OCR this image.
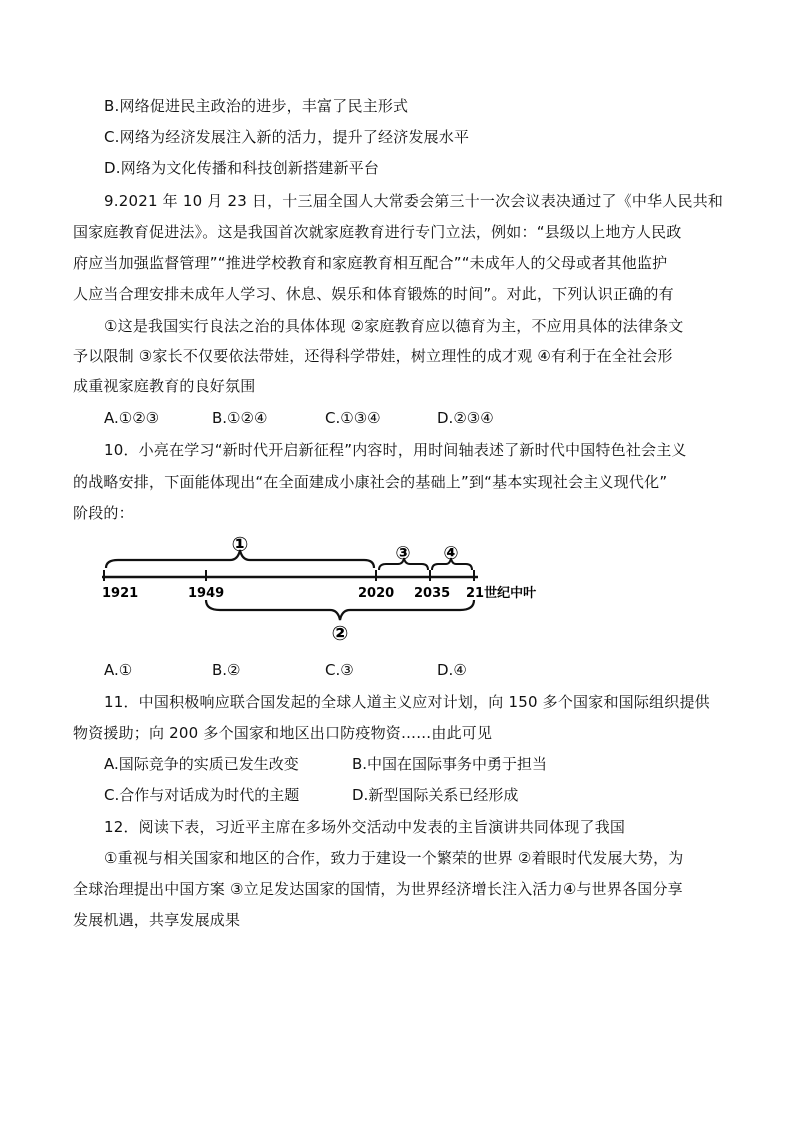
B.网络促进民主政治的进步，丰富了民主形式
C.网络为经济发展注入新的活力，提升了经济发展水平
D.网络为文化传播和科技创新搭建新平台
9.2021 年 10 月 23 日，十三届全国人大常委会第三十一次会议表决通过了《中华人民共和
国家庭教育促进法》。这是我国首次就家庭教育进行专门立法，例如：“县级以上地方人民政
府应当加强监督管理”“推进学校教育和家庭教育相互配合”“未成年人的父母或者其他监护
人应当合理安排未成年人学习、休息、娱乐和体育锻炼的时间”。对此，下列认识正确的有
①这是我国实行良法之治的具体体现 ②家庭教育应以德育为主，不应用具体的法律条文
予以限制 ③家长不仅要依法带娃，还得科学带娃，树立理性的成才观 ④有利于在全社会形
成重视家庭教育的良好氛围
A.①②③	B.①②④	C.①③④	D.②③④
10．小亮在学习“新时代开启新征程”内容时，用时间轴表述了新时代中国特色社会主义
的战略安排，下面能体现出“在全面建成小康社会的基础上”到“基本实现社会主义现代化”
阶段的：
①
②
③ ④
1921	1949	2020 2035 21世纪中叶
A.①	B.②	C.③	D.④
11．中国积极响应联合国发起的全球人道主义应对计划，向 150 多个国家和国际组织提供
物资援助；向 200 多个国家和地区出口防疫物资……由此可见
A.国际竞争的实质已发生改变	B.中国在国际事务中勇于担当
C.合作与对话成为时代的主题	D.新型国际关系已经形成
12．阅读下表，习近平主席在多场外交活动中发表的主旨演讲共同体现了我国
①重视与相关国家和地区的合作，致力于建设一个繁荣的世界 ②着眼时代发展大势，为
全球治理提出中国方案 ③立足发达国家的国情，为世界经济增长注入活力④与世界各国分享
发展机遇，共享发展成果
